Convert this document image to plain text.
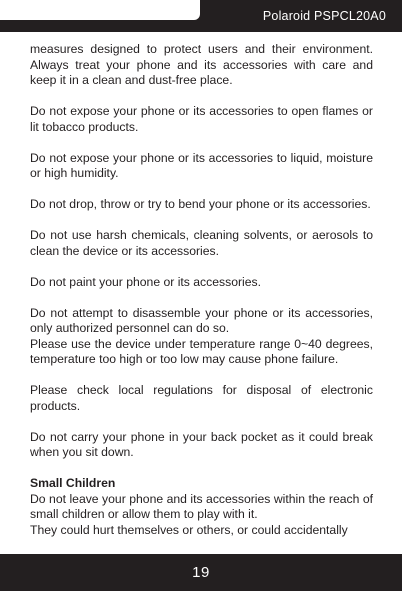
Polaroid PSPCL20A0

measures designed to protect users and their environment. Always treat your phone and its accessories with care and keep it in a clean and dust-free place.

Do not expose your phone or its accessories to open flames or lit tobacco products.

Do not expose your phone or its accessories to liquid, moisture or high humidity.

Do not drop, throw or try to bend your phone or its accessories.

Do not use harsh chemicals, cleaning solvents, or aerosols to clean the device or its accessories.

Do not paint your phone or its accessories.

Do not attempt to disassemble your phone or its accessories, only authorized personnel can do so.

Please use the device under temperature range 0~40 degrees, temperature too high or too low may cause phone failure.

Please check local regulations for disposal of electronic products.

Do not carry your phone in your back pocket as it could break when you sit down.

Small Children

Do not leave your phone and its accessories within the reach of small children or allow them to play with it.

They could hurt themselves or others, or could accidentally

19
